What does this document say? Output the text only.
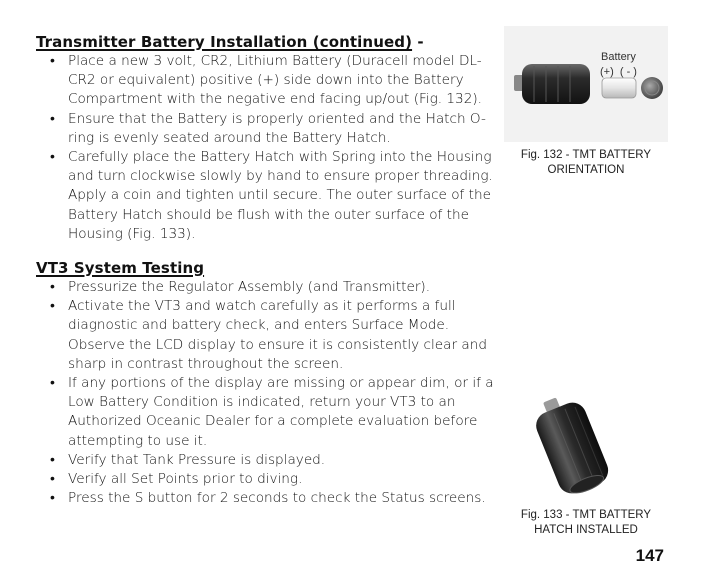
Transmitter Battery Installation (continued) -
• Place a new 3 volt, CR2, Lithium Battery (Duracell model DL-CR2 or equivalent) positive (+) side down into the Battery Compartment with the negative end facing up/out (Fig. 132).
• Ensure that the Battery is properly oriented and the Hatch O-ring is evenly seated around the Battery Hatch.
• Carefully place the Battery Hatch with Spring into the Housing and turn clockwise slowly by hand to ensure proper threading. Apply a coin and tighten until secure. The outer surface of the Battery Hatch should be flush with the outer surface of the Housing (Fig. 133).
VT3 System Testing
• Pressurize the Regulator Assembly (and Transmitter).
• Activate the VT3 and watch carefully as it performs a full diagnostic and battery check, and enters Surface Mode. Observe the LCD display to ensure it is consistently clear and sharp in contrast throughout the screen.
• If any portions of the display are missing or appear dim, or if a Low Battery Condition is indicated, return your VT3 to an Authorized Oceanic Dealer for a complete evaluation before attempting to use it.
• Verify that Tank Pressure is displayed.
• Verify all Set Points prior to diving.
• Press the S button for 2 seconds to check the Status screens.
Battery
(+)  ( - )
Fig. 132 - TMT BATTERY
ORIENTATION
Fig. 133 - TMT BATTERY
HATCH INSTALLED
147
